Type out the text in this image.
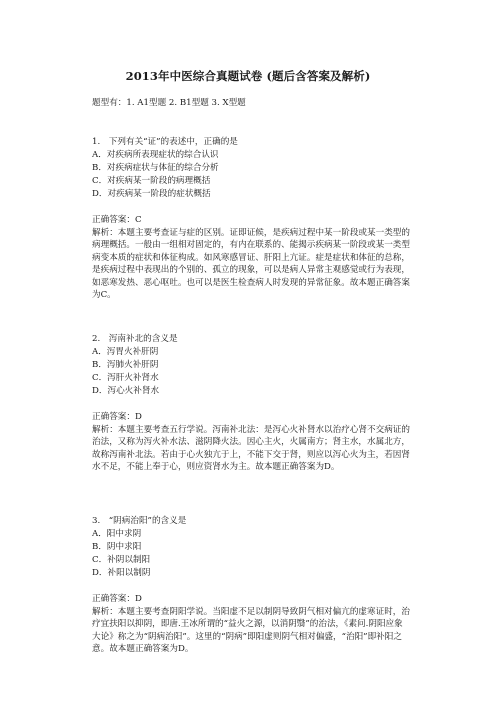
2013年中医综合真题试卷 (题后含答案及解析)
题型有：1. A1型题 2. B1型题 3. X型题
1.　下列有关“证”的表述中，正确的是
A．对疾病所表现症状的综合认识
B．对疾病症状与体征的综合分析
C．对疾病某一阶段的病理概括
D．对疾病某一阶段的症状概括
正确答案：C
解析：本题主要考查证与症的区别。证即证候，是疾病过程中某一阶段或某一类型的病理概括。一般由一组相对固定的，有内在联系的、能揭示疾病某一阶段或某一类型病变本质的症状和体征构成。如风寒感冒证、肝阳上亢证。症是症状和体征的总称，是疾病过程中表现出的个别的、孤立的现象，可以是病人异常主观感觉或行为表现，如恶寒发热、恶心呕吐。也可以是医生检查病人时发现的异常征象。故本题正确答案为C。
2.　泻南补北的含义是
A．泻胃火补肝阴
B．泻肺火补肝阴
C．泻肝火补肾水
D．泻心火补肾水
正确答案：D
解析：本题主要考查五行学说。泻南补北法：是泻心火补肾水以治疗心肾不交病证的治法，又称为泻火补水法、滋阴降火法。因心主火，火属南方；肾主水，水属北方，故称泻南补北法。若由于心火独亢于上，不能下交于肾，则应以泻心火为主，若因肾水不足，不能上奉于心，则应资肾水为主。故本题正确答案为D。
3.　“阴病治阳”的含义是
A．阳中求阴
B．阴中求阳
C．补阴以制阳
D．补阳以制阴
正确答案：D
解析：本题主要考查阴阳学说。当阳虚不足以制阴导致阴气相对偏亢的虚寒证时，治疗宜扶阳以抑阴，即唐.王冰所谓的“益火之源，以消阴翳”的治法，《素问.阴阳应象大论》称之为“阴病治阳”。这里的“阴病”即阳虚则阴气相对偏盛，“治阳”即补阳之意。故本题正确答案为D。
